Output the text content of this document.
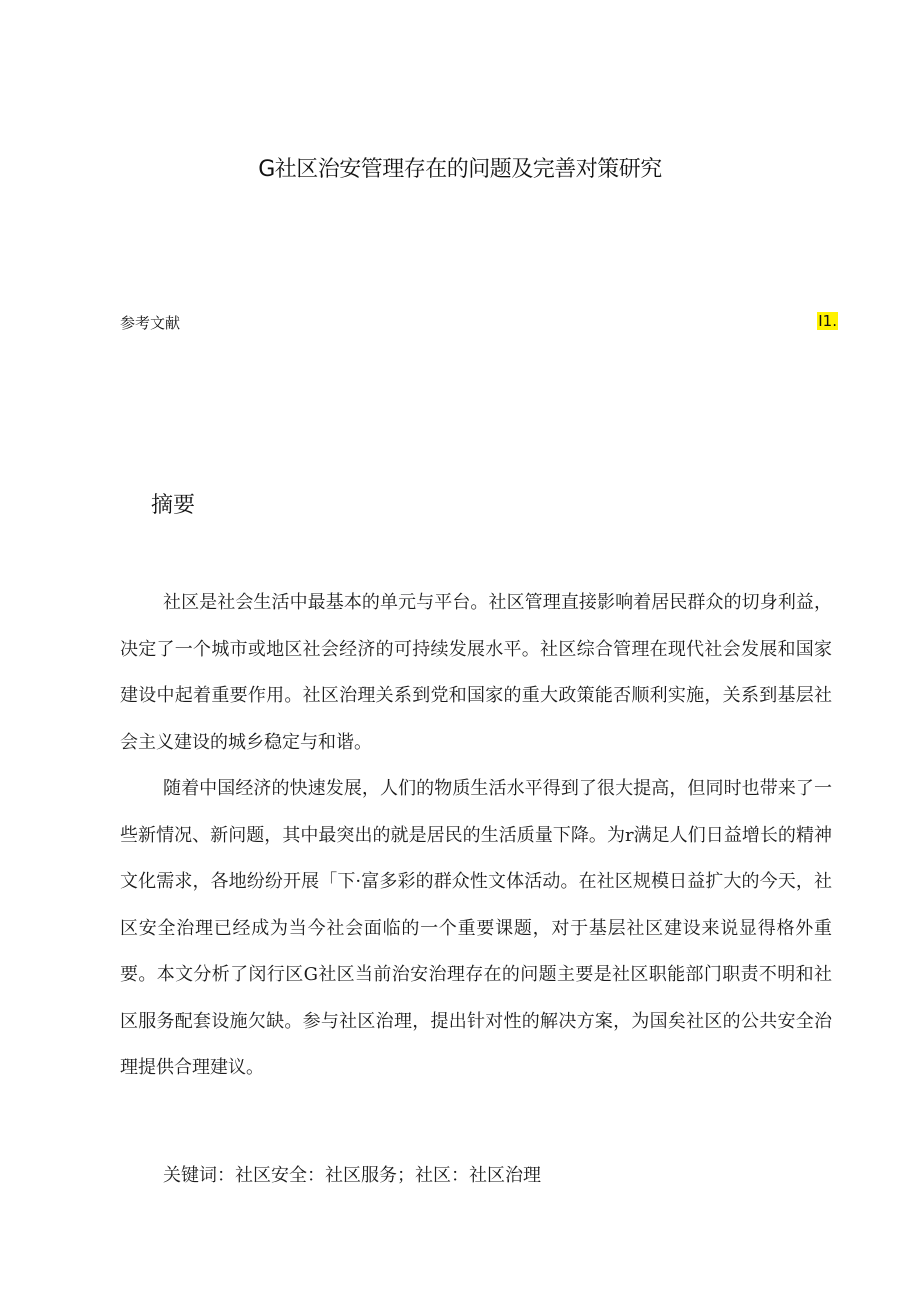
G社区治安管理存在的问题及完善对策研究
参考文献	I1.
摘要

社区是社会生活中最基本的单元与平台。社区管理直接影响着居民群众的切身利益，决定了一个城市或地区社会经济的可持续发展水平。社区综合管理在现代社会发展和国家建设中起着重要作用。社区治理关系到党和国家的重大政策能否顺利实施，关系到基层社会主义建设的城乡稳定与和谐。

随着中国经济的快速发展，人们的物质生活水平得到了很大提高，但同时也带来了一些新情况、新问题，其中最突出的就是居民的生活质量下降。为r满足人们日益增长的精神文化需求，各地纷纷开展「下·富多彩的群众性文体活动。在社区规模日益扩大的今天，社区安全治理已经成为当今社会面临的一个重要课题，对于基层社区建设来说显得格外重要。本文分析了闵行区G社区当前治安治理存在的问题主要是社区职能部门职责不明和社区服务配套设施欠缺。参与社区治理，提出针对性的解决方案，为国矣社区的公共安全治理提供合理建议。

关键词：社区安全：社区服务；社区：社区治理
